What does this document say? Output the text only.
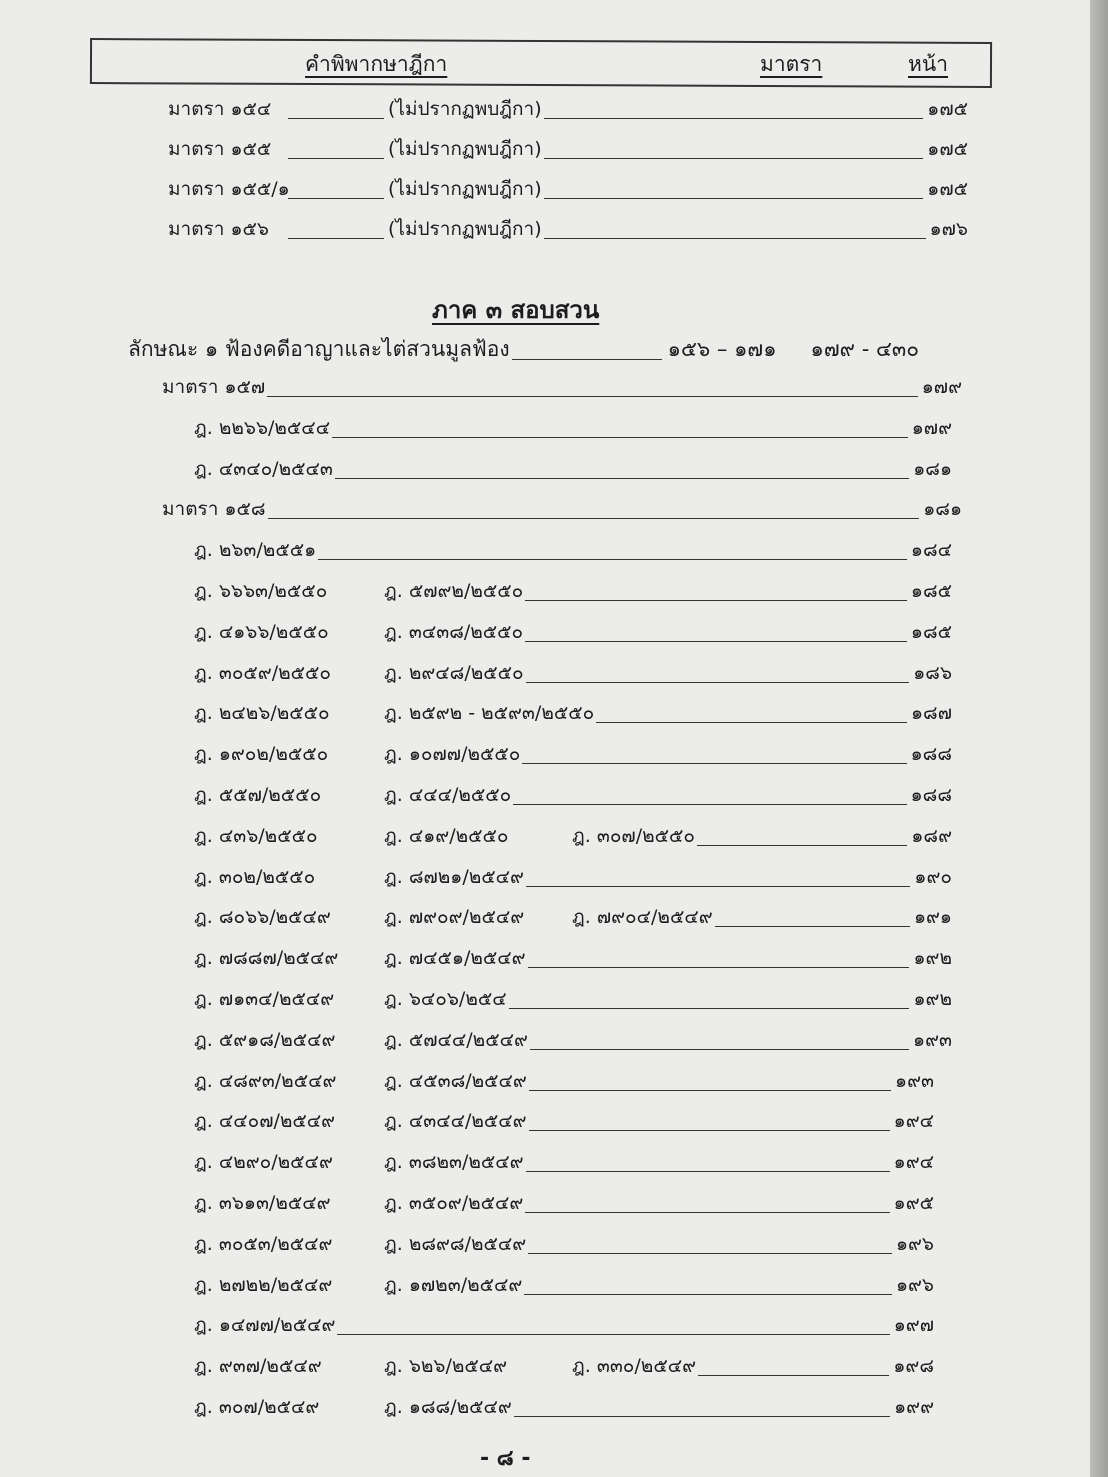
คำพิพากษาฎีกา	มาตรา	หน้า
มาตรา ๑๕๔	(ไม่ปรากฏพบฎีกา)	๑๗๕
มาตรา ๑๕๕	(ไม่ปรากฏพบฎีกา)	๑๗๕
มาตรา ๑๕๕/๑	(ไม่ปรากฏพบฎีกา)	๑๗๕
มาตรา ๑๕๖	(ไม่ปรากฏพบฎีกา)	๑๗๖
ภาค ๓ สอบสวน
ลักษณะ ๑ ฟ้องคดีอาญาและไต่สวนมูลฟ้อง	๑๕๖ – ๑๗๑ ๑๗๙ - ๔๓๐
มาตรา ๑๕๗	๑๗๙
ฎ. ๒๒๖๖/๒๕๔๔	๑๗๙
ฎ. ๔๓๔๐/๒๕๔๓	๑๘๑
มาตรา ๑๕๘	๑๘๑
ฎ. ๒๖๓/๒๕๕๑	๑๘๔
ฎ. ๖๖๖๓/๒๕๕๐	ฎ. ๕๗๙๒/๒๕๕๐	๑๘๕
ฎ. ๔๑๖๖/๒๕๕๐	ฎ. ๓๔๓๘/๒๕๕๐	๑๘๕
ฎ. ๓๐๕๙/๒๕๕๐	ฎ. ๒๙๔๘/๒๕๕๐	๑๘๖
ฎ. ๒๔๒๖/๒๕๕๐	ฎ. ๒๕๙๒ - ๒๕๙๓/๒๕๕๐	๑๘๗
ฎ. ๑๙๐๒/๒๕๕๐	ฎ. ๑๐๗๗/๒๕๕๐	๑๘๘
ฎ. ๕๕๗/๒๕๕๐	ฎ. ๔๔๔/๒๕๕๐	๑๘๘
ฎ. ๔๓๖/๒๕๕๐	ฎ. ๔๑๙/๒๕๕๐	ฎ. ๓๐๗/๒๕๕๐	๑๘๙
ฎ. ๓๐๒/๒๕๕๐	ฎ. ๘๗๒๑/๒๕๔๙	๑๙๐
ฎ. ๘๐๖๖/๒๕๔๙	ฎ. ๗๙๐๙/๒๕๔๙	ฎ. ๗๙๐๔/๒๕๔๙	๑๙๑
ฎ. ๗๘๘๗/๒๕๔๙	ฎ. ๗๔๕๑/๒๕๔๙	๑๙๒
ฎ. ๗๑๓๔/๒๕๔๙	ฎ. ๖๔๐๖/๒๕๔	๑๙๒
ฎ. ๕๙๑๘/๒๕๔๙	ฎ. ๕๗๔๔/๒๕๔๙	๑๙๓
ฎ. ๔๘๙๓/๒๕๔๙	ฎ. ๔๕๓๘/๒๕๔๙	๑๙๓
ฎ. ๔๔๐๗/๒๕๔๙	ฎ. ๔๓๔๔/๒๕๔๙	๑๙๔
ฎ. ๔๒๙๐/๒๕๔๙	ฎ. ๓๘๒๓/๒๕๔๙	๑๙๔
ฎ. ๓๖๑๓/๒๕๔๙	ฎ. ๓๕๐๙/๒๕๔๙	๑๙๕
ฎ. ๓๐๕๓/๒๕๔๙	ฎ. ๒๘๙๘/๒๕๔๙	๑๙๖
ฎ. ๒๗๒๒/๒๕๔๙	ฎ. ๑๗๒๓/๒๕๔๙	๑๙๖
ฎ. ๑๔๗๗/๒๕๔๙	๑๙๗
ฎ. ๙๓๗/๒๕๔๙	ฎ. ๖๒๖/๒๕๔๙	ฎ. ๓๓๐/๒๕๔๙	๑๙๘
ฎ. ๓๐๗/๒๕๔๙	ฎ. ๑๘๘/๒๕๔๙	๑๙๙
- ๘ -
